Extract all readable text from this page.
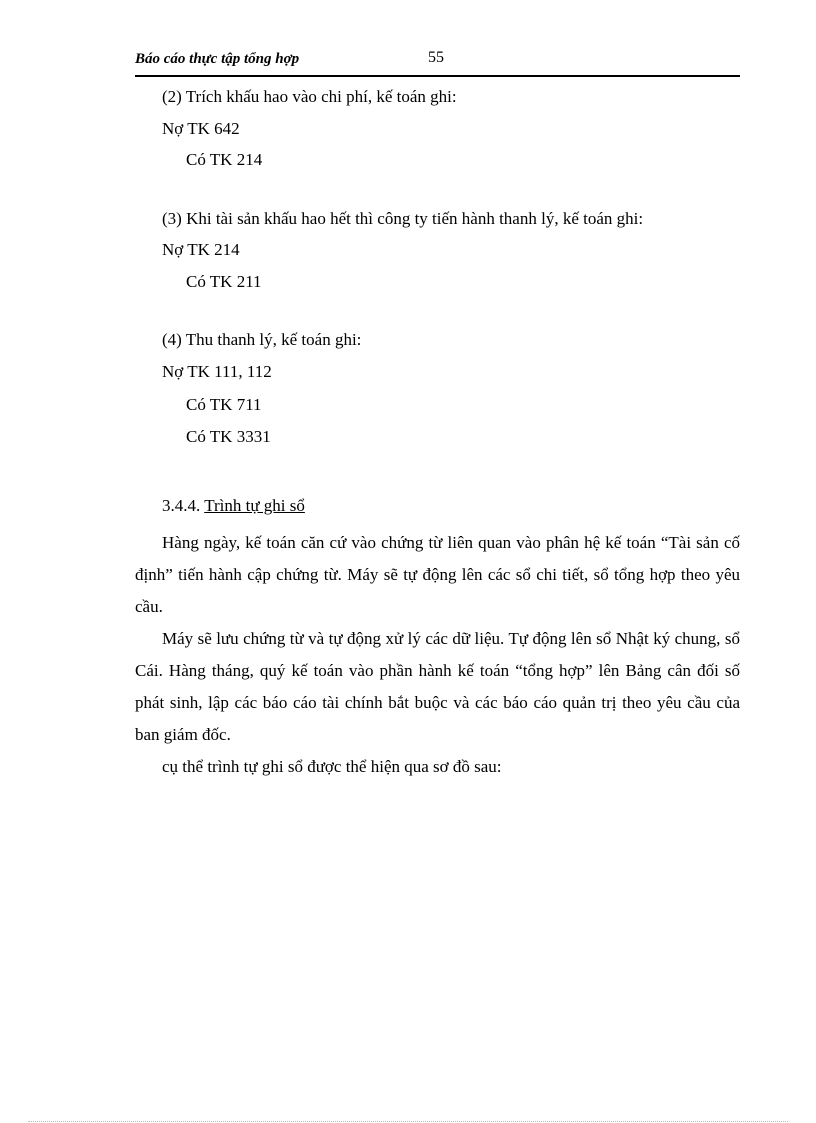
Báo cáo thực tập tổng hợp	55
(2) Trích khấu hao vào chi phí, kế toán ghi:
Nợ TK 642
Có TK 214
(3) Khi tài sản khấu hao hết thì công ty tiến hành thanh lý, kế toán ghi:
Nợ TK 214
Có TK 211
(4) Thu thanh lý, kế toán ghi:
Nợ TK 111, 112
Có TK 711
Có TK 3331
3.4.4. Trình tự ghi sổ
Hàng ngày, kế toán căn cứ vào chứng từ liên quan vào phân hệ kế toán “Tài sản cố định” tiến hành cập chứng từ. Máy sẽ tự động lên các sổ chi tiết, sổ tổng hợp theo yêu cầu.
Máy sẽ lưu chứng từ và tự động xử lý các dữ liệu. Tự động lên sổ Nhật ký chung, sổ Cái. Hàng tháng, quý kế toán vào phần hành kế toán “tổng hợp” lên Bảng cân đối số phát sinh, lập các báo cáo tài chính bắt buộc và các báo cáo quản trị theo yêu cầu của ban giám đốc.
cụ thể trình tự ghi sổ được thể hiện qua sơ đồ sau:
